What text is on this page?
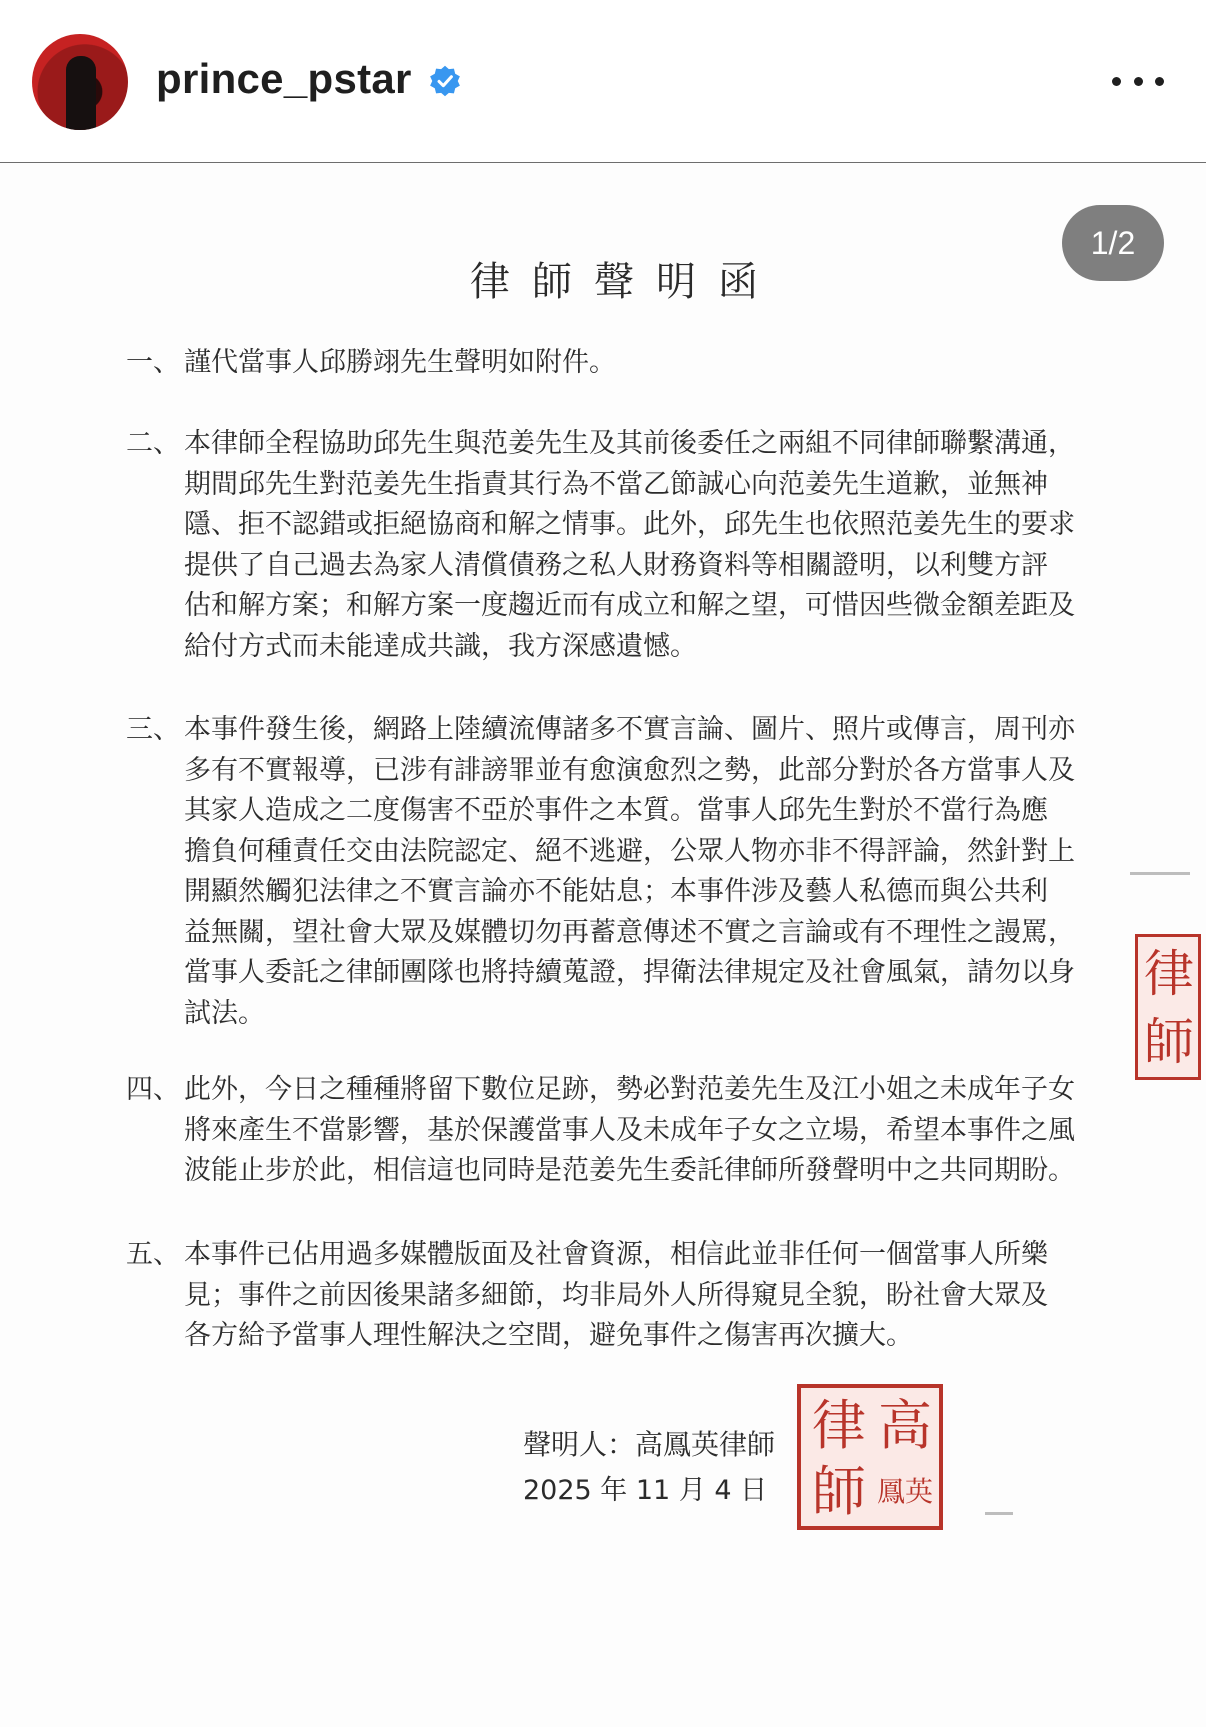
prince_pstar
1/2
律師聲明函
一、 謹代當事人邱勝翊先生聲明如附件。
二、 本律師全程協助邱先生與范姜先生及其前後委任之兩組不同律師聯繫溝通，
期間邱先生對范姜先生指責其行為不當乙節誠心向范姜先生道歉，並無神
隱、拒不認錯或拒絕協商和解之情事。此外，邱先生也依照范姜先生的要求
提供了自己過去為家人清償債務之私人財務資料等相關證明，以利雙方評
估和解方案；和解方案一度趨近而有成立和解之望，可惜因些微金額差距及
給付方式而未能達成共識，我方深感遺憾。
三、 本事件發生後，網路上陸續流傳諸多不實言論、圖片、照片或傳言，周刊亦
多有不實報導，已涉有誹謗罪並有愈演愈烈之勢，此部分對於各方當事人及
其家人造成之二度傷害不亞於事件之本質。當事人邱先生對於不當行為應
擔負何種責任交由法院認定、絕不逃避，公眾人物亦非不得評論，然針對上
開顯然觸犯法律之不實言論亦不能姑息；本事件涉及藝人私德而與公共利
益無關，望社會大眾及媒體切勿再蓄意傳述不實之言論或有不理性之謾罵，
當事人委託之律師團隊也將持續蒐證，捍衛法律規定及社會風氣，請勿以身
試法。
四、 此外，今日之種種將留下數位足跡，勢必對范姜先生及江小姐之未成年子女
將來產生不當影響，基於保護當事人及未成年子女之立場，希望本事件之風
波能止步於此，相信這也同時是范姜先生委託律師所發聲明中之共同期盼。
五、 本事件已佔用過多媒體版面及社會資源，相信此並非任何一個當事人所樂
見；事件之前因後果諸多細節，均非局外人所得窺見全貌，盼社會大眾及
各方給予當事人理性解決之空間，避免事件之傷害再次擴大。
聲明人：高鳳英律師
2025 年 11 月 4 日
律 高
師 鳳英
律
師
